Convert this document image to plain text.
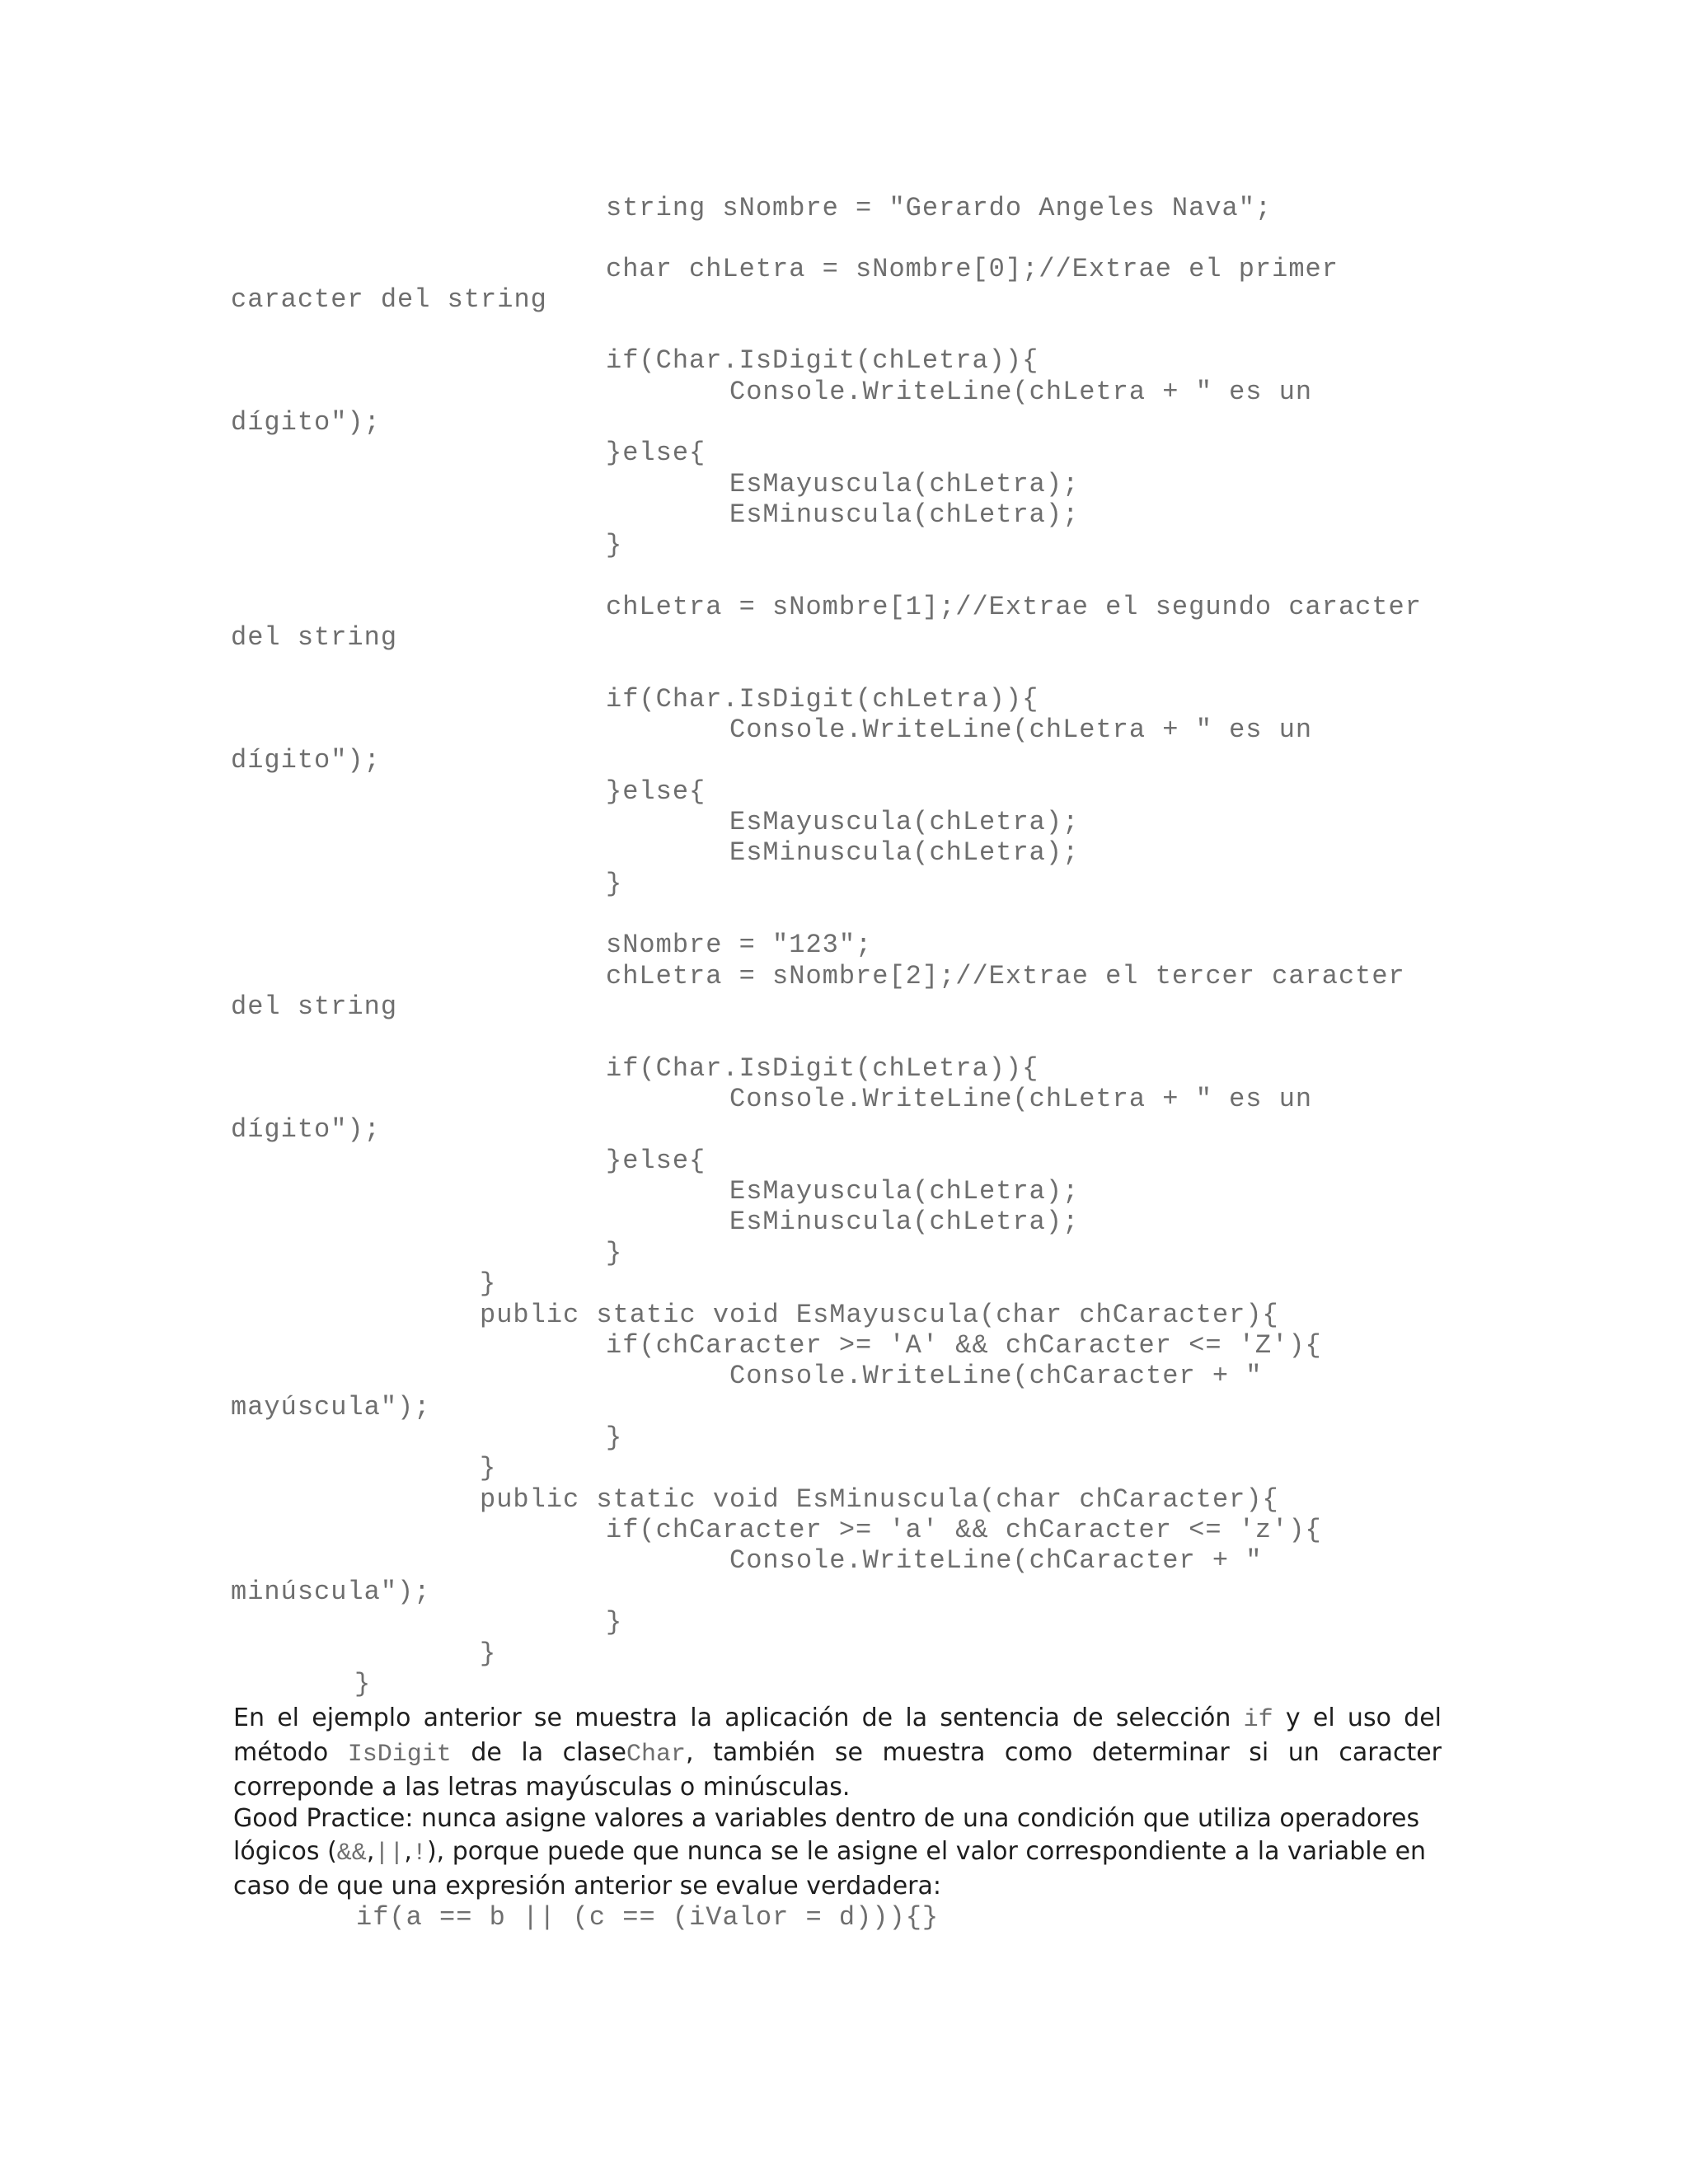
string sNombre = "Gerardo Angeles Nava";
char chLetra = sNombre[0];//Extrae el primer
caracter del string
if(Char.IsDigit(chLetra)){
Console.WriteLine(chLetra + " es un
dígito");
}else{
EsMayuscula(chLetra);
EsMinuscula(chLetra);
}
chLetra = sNombre[1];//Extrae el segundo caracter
del string
if(Char.IsDigit(chLetra)){
Console.WriteLine(chLetra + " es un
dígito");
}else{
EsMayuscula(chLetra);
EsMinuscula(chLetra);
}
sNombre = "123";
chLetra = sNombre[2];//Extrae el tercer caracter
del string
if(Char.IsDigit(chLetra)){
Console.WriteLine(chLetra + " es un
dígito");
}else{
EsMayuscula(chLetra);
EsMinuscula(chLetra);
}
}
public static void EsMayuscula(char chCaracter){
if(chCaracter >= 'A' && chCaracter <= 'Z'){
Console.WriteLine(chCaracter + "
mayúscula");
}
}
public static void EsMinuscula(char chCaracter){
if(chCaracter >= 'a' && chCaracter <= 'z'){
Console.WriteLine(chCaracter + "
minúscula");
}
}
}

En el ejemplo anterior se muestra la aplicación de la sentencia de selección if y el uso del método IsDigit de la claseChar, también se muestra como determinar si un caracter correponde a las letras mayúsculas o minúsculas.

Good Practice: nunca asigne valores a variables dentro de una condición que utiliza operadores lógicos (&&,||,!), porque puede que nunca se le asigne el valor correspondiente a la variable en caso de que una expresión anterior se evalue verdadera:

if(a == b || (c == (iValor = d))){}
